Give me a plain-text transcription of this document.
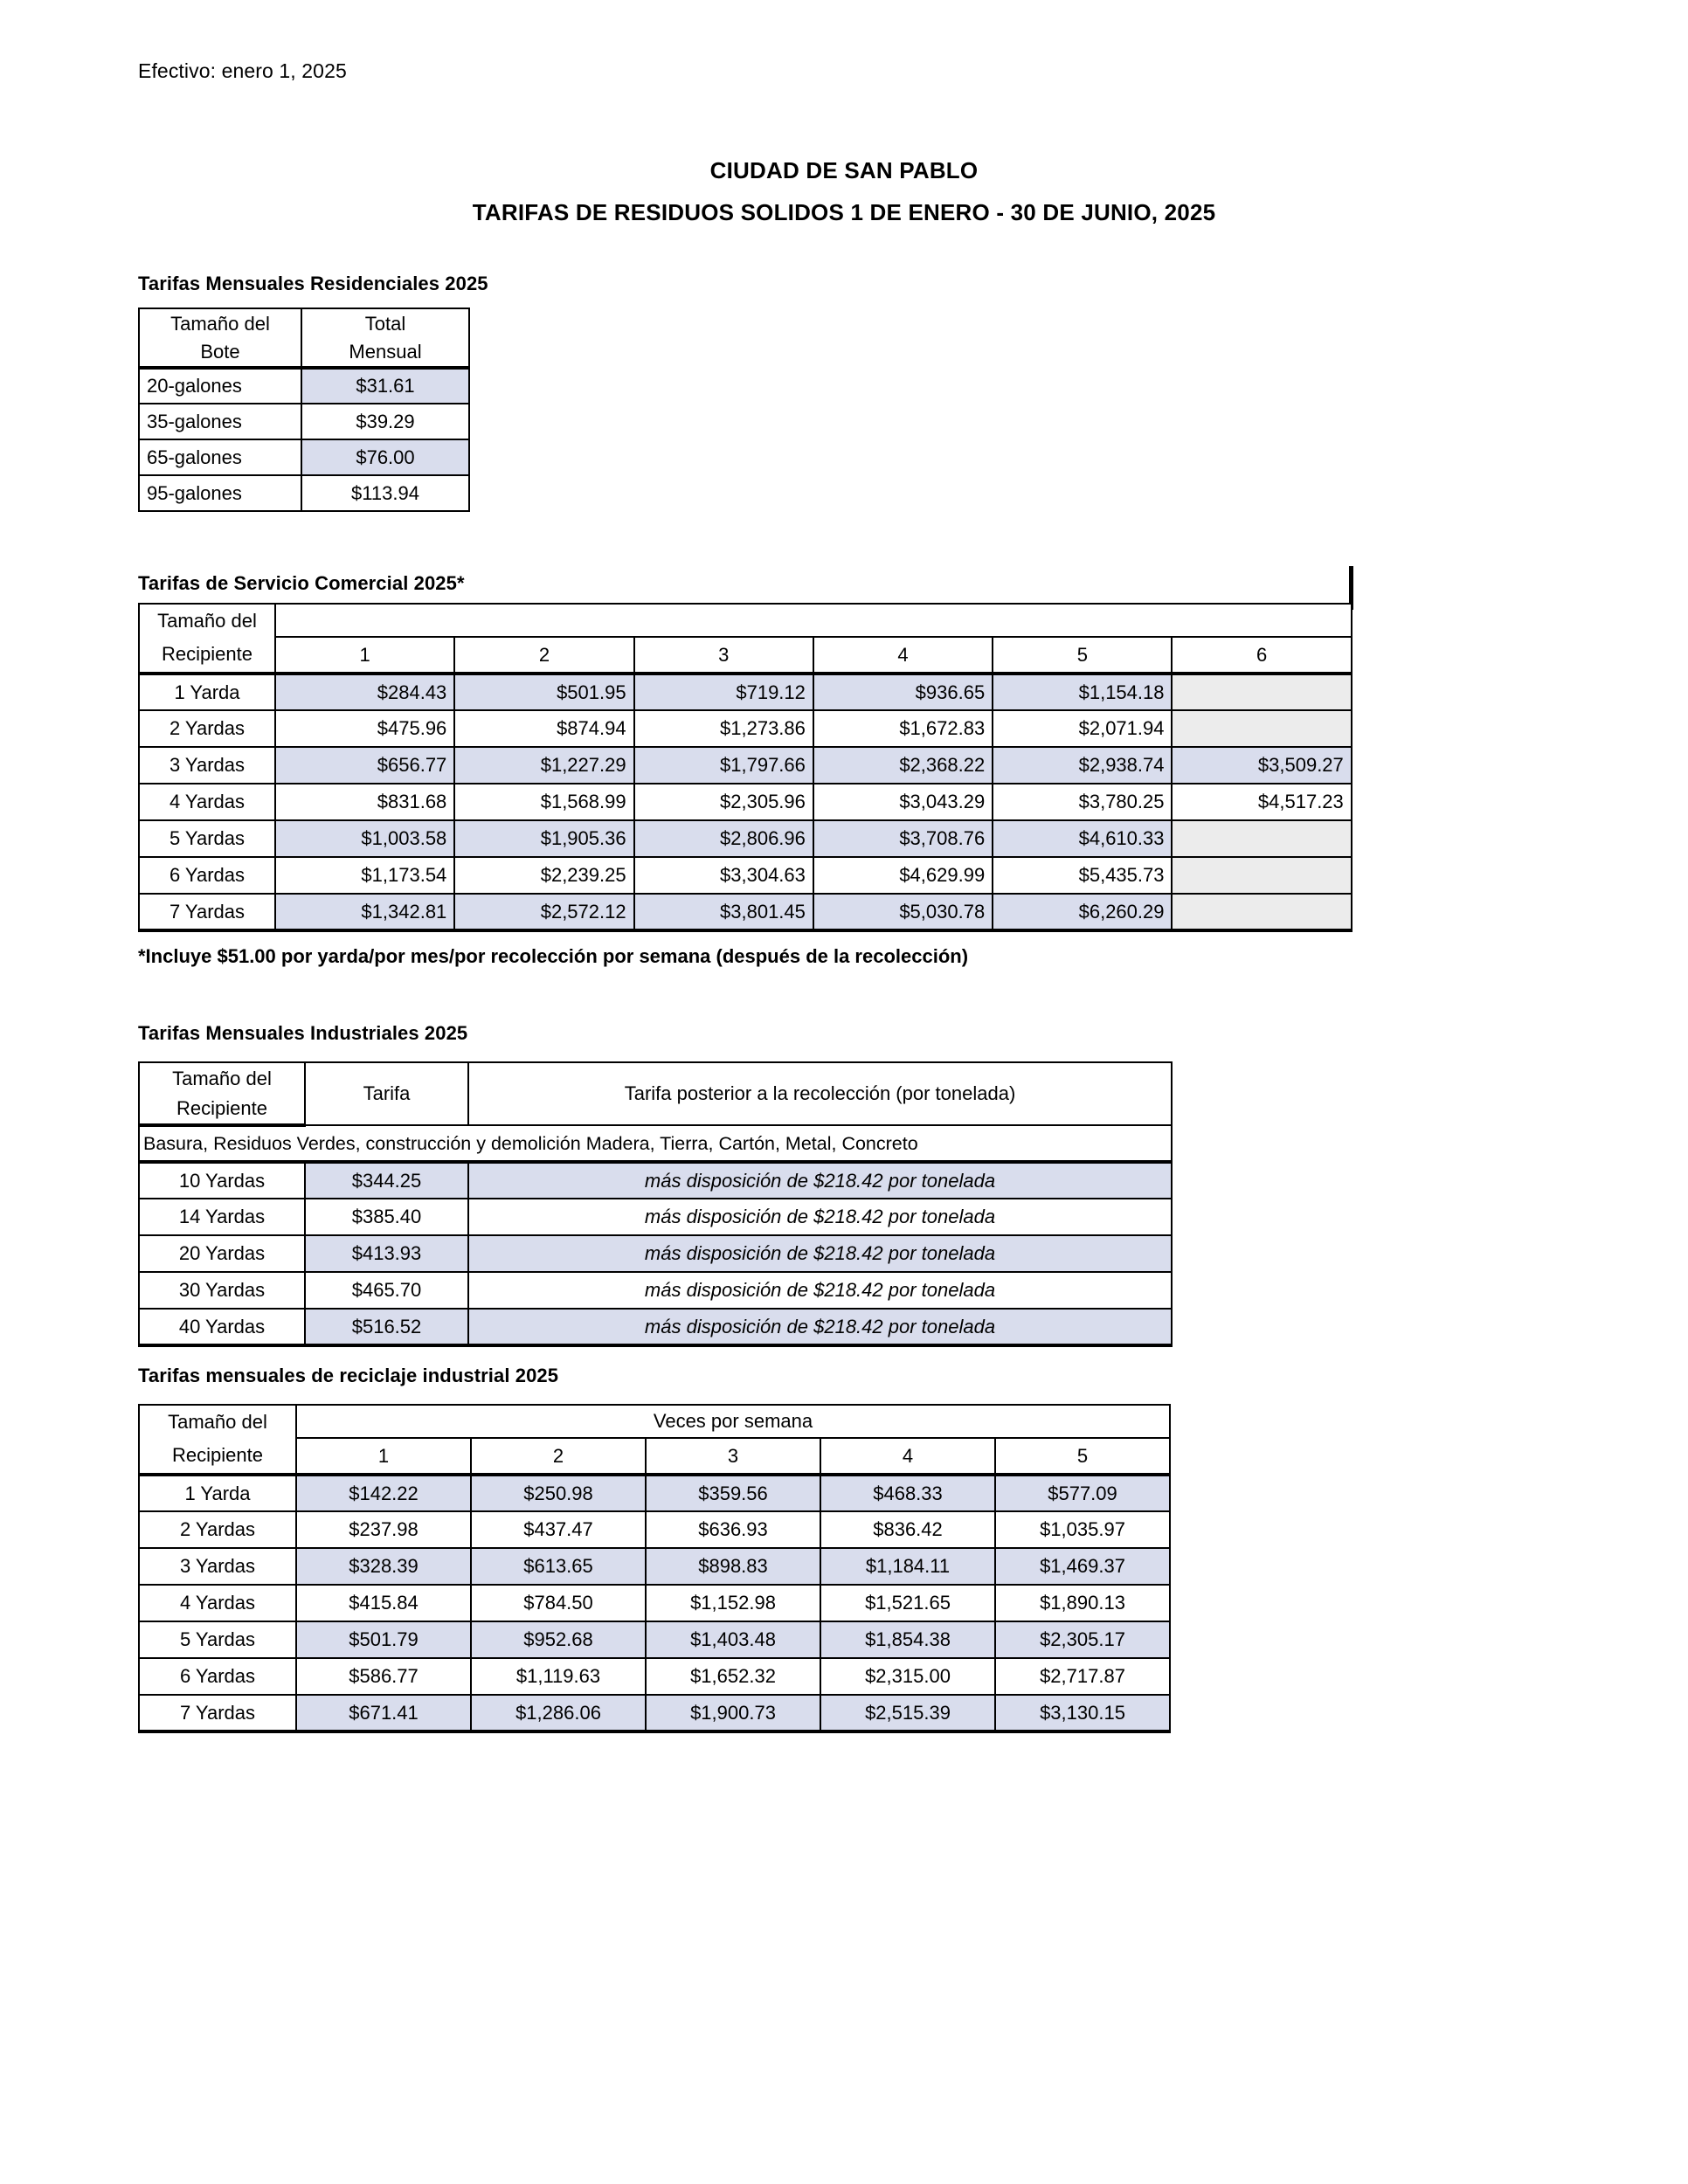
Efectivo: enero 1, 2025
CIUDAD DE SAN PABLO
TARIFAS DE RESIDUOS SOLIDOS 1 DE ENERO - 30 DE JUNIO, 2025
Tarifas Mensuales Residenciales 2025
Tamaño del	Total
Bote	Mensual
20-galones	$31.61
35-galones	$39.29
65-galones	$76.00
95-galones	$113.94
Tarifas de Servicio Comercial 2025*
Tamaño del						
Recipiente	1	2	3	4	5	6
1 Yarda	$284.43	$501.95	$719.12	$936.65	$1,154.18	
2 Yardas	$475.96	$874.94	$1,273.86	$1,672.83	$2,071.94	
3 Yardas	$656.77	$1,227.29	$1,797.66	$2,368.22	$2,938.74	$3,509.27
4 Yardas	$831.68	$1,568.99	$2,305.96	$3,043.29	$3,780.25	$4,517.23
5 Yardas	$1,003.58	$1,905.36	$2,806.96	$3,708.76	$4,610.33	
6 Yardas	$1,173.54	$2,239.25	$3,304.63	$4,629.99	$5,435.73	
7 Yardas	$1,342.81	$2,572.12	$3,801.45	$5,030.78	$6,260.29	
*Incluye $51.00 por yarda/por mes/por recolección por semana (después de la recolección)
Tarifas Mensuales Industriales 2025
Tamaño del	Tarifa	Tarifa posterior a la recolección (por tonelada)
Recipiente		
Basura, Residuos Verdes, construcción y demolición Madera, Tierra, Cartón, Metal, Concreto		
10 Yardas	$344.25	más disposición de $218.42 por tonelada
14 Yardas	$385.40	más disposición de $218.42 por tonelada
20 Yardas	$413.93	más disposición de $218.42 por tonelada
30 Yardas	$465.70	más disposición de $218.42 por tonelada
40 Yardas	$516.52	más disposición de $218.42 por tonelada
Tarifas mensuales de reciclaje industrial 2025
Tamaño del	Veces por semana				
Recipiente	1	2	3	4	5
1 Yarda	$142.22	$250.98	$359.56	$468.33	$577.09
2 Yardas	$237.98	$437.47	$636.93	$836.42	$1,035.97
3 Yardas	$328.39	$613.65	$898.83	$1,184.11	$1,469.37
4 Yardas	$415.84	$784.50	$1,152.98	$1,521.65	$1,890.13
5 Yardas	$501.79	$952.68	$1,403.48	$1,854.38	$2,305.17
6 Yardas	$586.77	$1,119.63	$1,652.32	$2,315.00	$2,717.87
7 Yardas	$671.41	$1,286.06	$1,900.73	$2,515.39	$3,130.15
